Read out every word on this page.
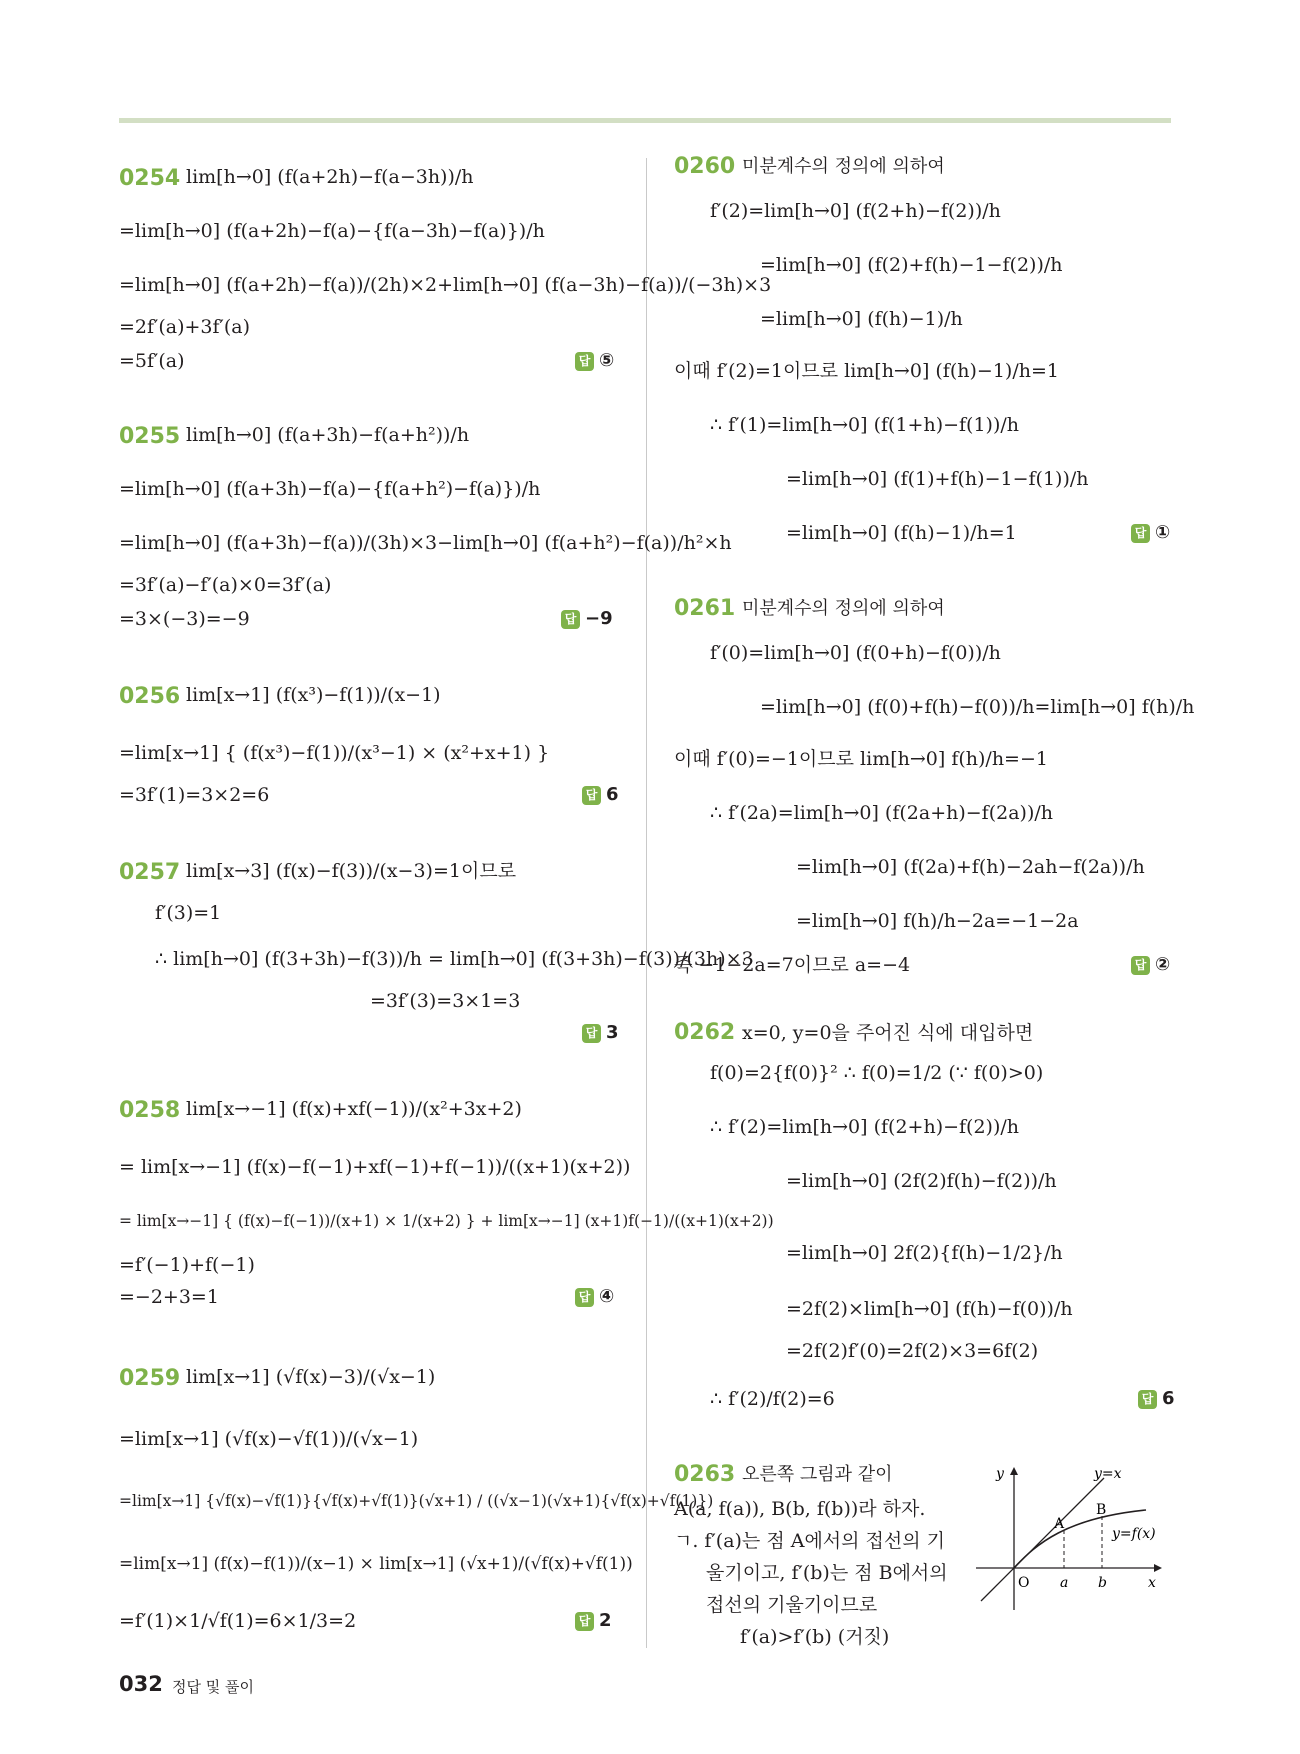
0254 lim[h→0] (f(a+2h)−f(a−3h))/h
=lim[h→0] (f(a+2h)−f(a)−{f(a−3h)−f(a)})/h
=lim[h→0] (f(a+2h)−f(a))/(2h)×2+lim[h→0] (f(a−3h)−f(a))/(−3h)×3
=2f′(a)+3f′(a)
=5f′(a)	답 ⑤
0255 lim[h→0] (f(a+3h)−f(a+h²))/h
=lim[h→0] (f(a+3h)−f(a)−{f(a+h²)−f(a)})/h
=lim[h→0] (f(a+3h)−f(a))/(3h)×3−lim[h→0] (f(a+h²)−f(a))/h²×h
=3f′(a)−f′(a)×0=3f′(a)
=3×(−3)=−9	답 −9
0256 lim[x→1] (f(x³)−f(1))/(x−1)
=lim[x→1] { (f(x³)−f(1))/(x³−1) × (x²+x+1) }
=3f′(1)=3×2=6	답 6
0257 lim[x→3] (f(x)−f(3))/(x−3)=1이므로
f′(3)=1
∴ lim[h→0] (f(3+3h)−f(3))/h = lim[h→0] (f(3+3h)−f(3))/(3h)×3
=3f′(3)=3×1=3
답 3
0258 lim[x→−1] (f(x)+xf(−1))/(x²+3x+2)
= lim[x→−1] (f(x)−f(−1)+xf(−1)+f(−1))/((x+1)(x+2))
= lim[x→−1] { (f(x)−f(−1))/(x+1) × 1/(x+2) } + lim[x→−1] (x+1)f(−1)/((x+1)(x+2))
=f′(−1)+f(−1)
=−2+3=1	답 ④
0259 lim[x→1] (√f(x)−3)/(√x−1)
=lim[x→1] (√f(x)−√f(1))/(√x−1)
=lim[x→1] {√f(x)−√f(1)}{√f(x)+√f(1)}(√x+1) / ((√x−1)(√x+1){√f(x)+√f(1)})
=lim[x→1] (f(x)−f(1))/(x−1) × lim[x→1] (√x+1)/(√f(x)+√f(1))
=f′(1)×1/√f(1)=6×1/3=2	답 2
0260 미분계수의 정의에 의하여
f′(2)=lim[h→0] (f(2+h)−f(2))/h
=lim[h→0] (f(2)+f(h)−1−f(2))/h
=lim[h→0] (f(h)−1)/h
이때 f′(2)=1이므로 lim[h→0] (f(h)−1)/h=1
∴ f′(1)=lim[h→0] (f(1+h)−f(1))/h
=lim[h→0] (f(1)+f(h)−1−f(1))/h
=lim[h→0] (f(h)−1)/h=1	답 ①
0261 미분계수의 정의에 의하여
f′(0)=lim[h→0] (f(0+h)−f(0))/h
=lim[h→0] (f(0)+f(h)−f(0))/h=lim[h→0] f(h)/h
이때 f′(0)=−1이므로 lim[h→0] f(h)/h=−1
∴ f′(2a)=lim[h→0] (f(2a+h)−f(2a))/h
=lim[h→0] (f(2a)+f(h)−2ah−f(2a))/h
=lim[h→0] f(h)/h−2a=−1−2a
즉 −1−2a=7이므로 a=−4	답 ②
0262 x=0, y=0을 주어진 식에 대입하면
f(0)=2{f(0)}² ∴ f(0)=1/2 (∵ f(0)>0)
∴ f′(2)=lim[h→0] (f(2+h)−f(2))/h
=lim[h→0] (2f(2)f(h)−f(2))/h
=lim[h→0] 2f(2){f(h)−1/2}/h
=2f(2)×lim[h→0] (f(h)−f(0))/h
=2f(2)f′(0)=2f(2)×3=6f(2)
∴ f′(2)/f(2)=6	답 6
0263 오른쪽 그림과 같이
A(a, f(a)), B(b, f(b))라 하자.
ㄱ. f′(a)는 점 A에서의 접선의 기
울기이고, f′(b)는 점 B에서의
접선의 기울기이므로
f′(a)>f′(b) (거짓)
y
x
O
y=x
y=f(x)
A
B
a b
032 정답 및 풀이
